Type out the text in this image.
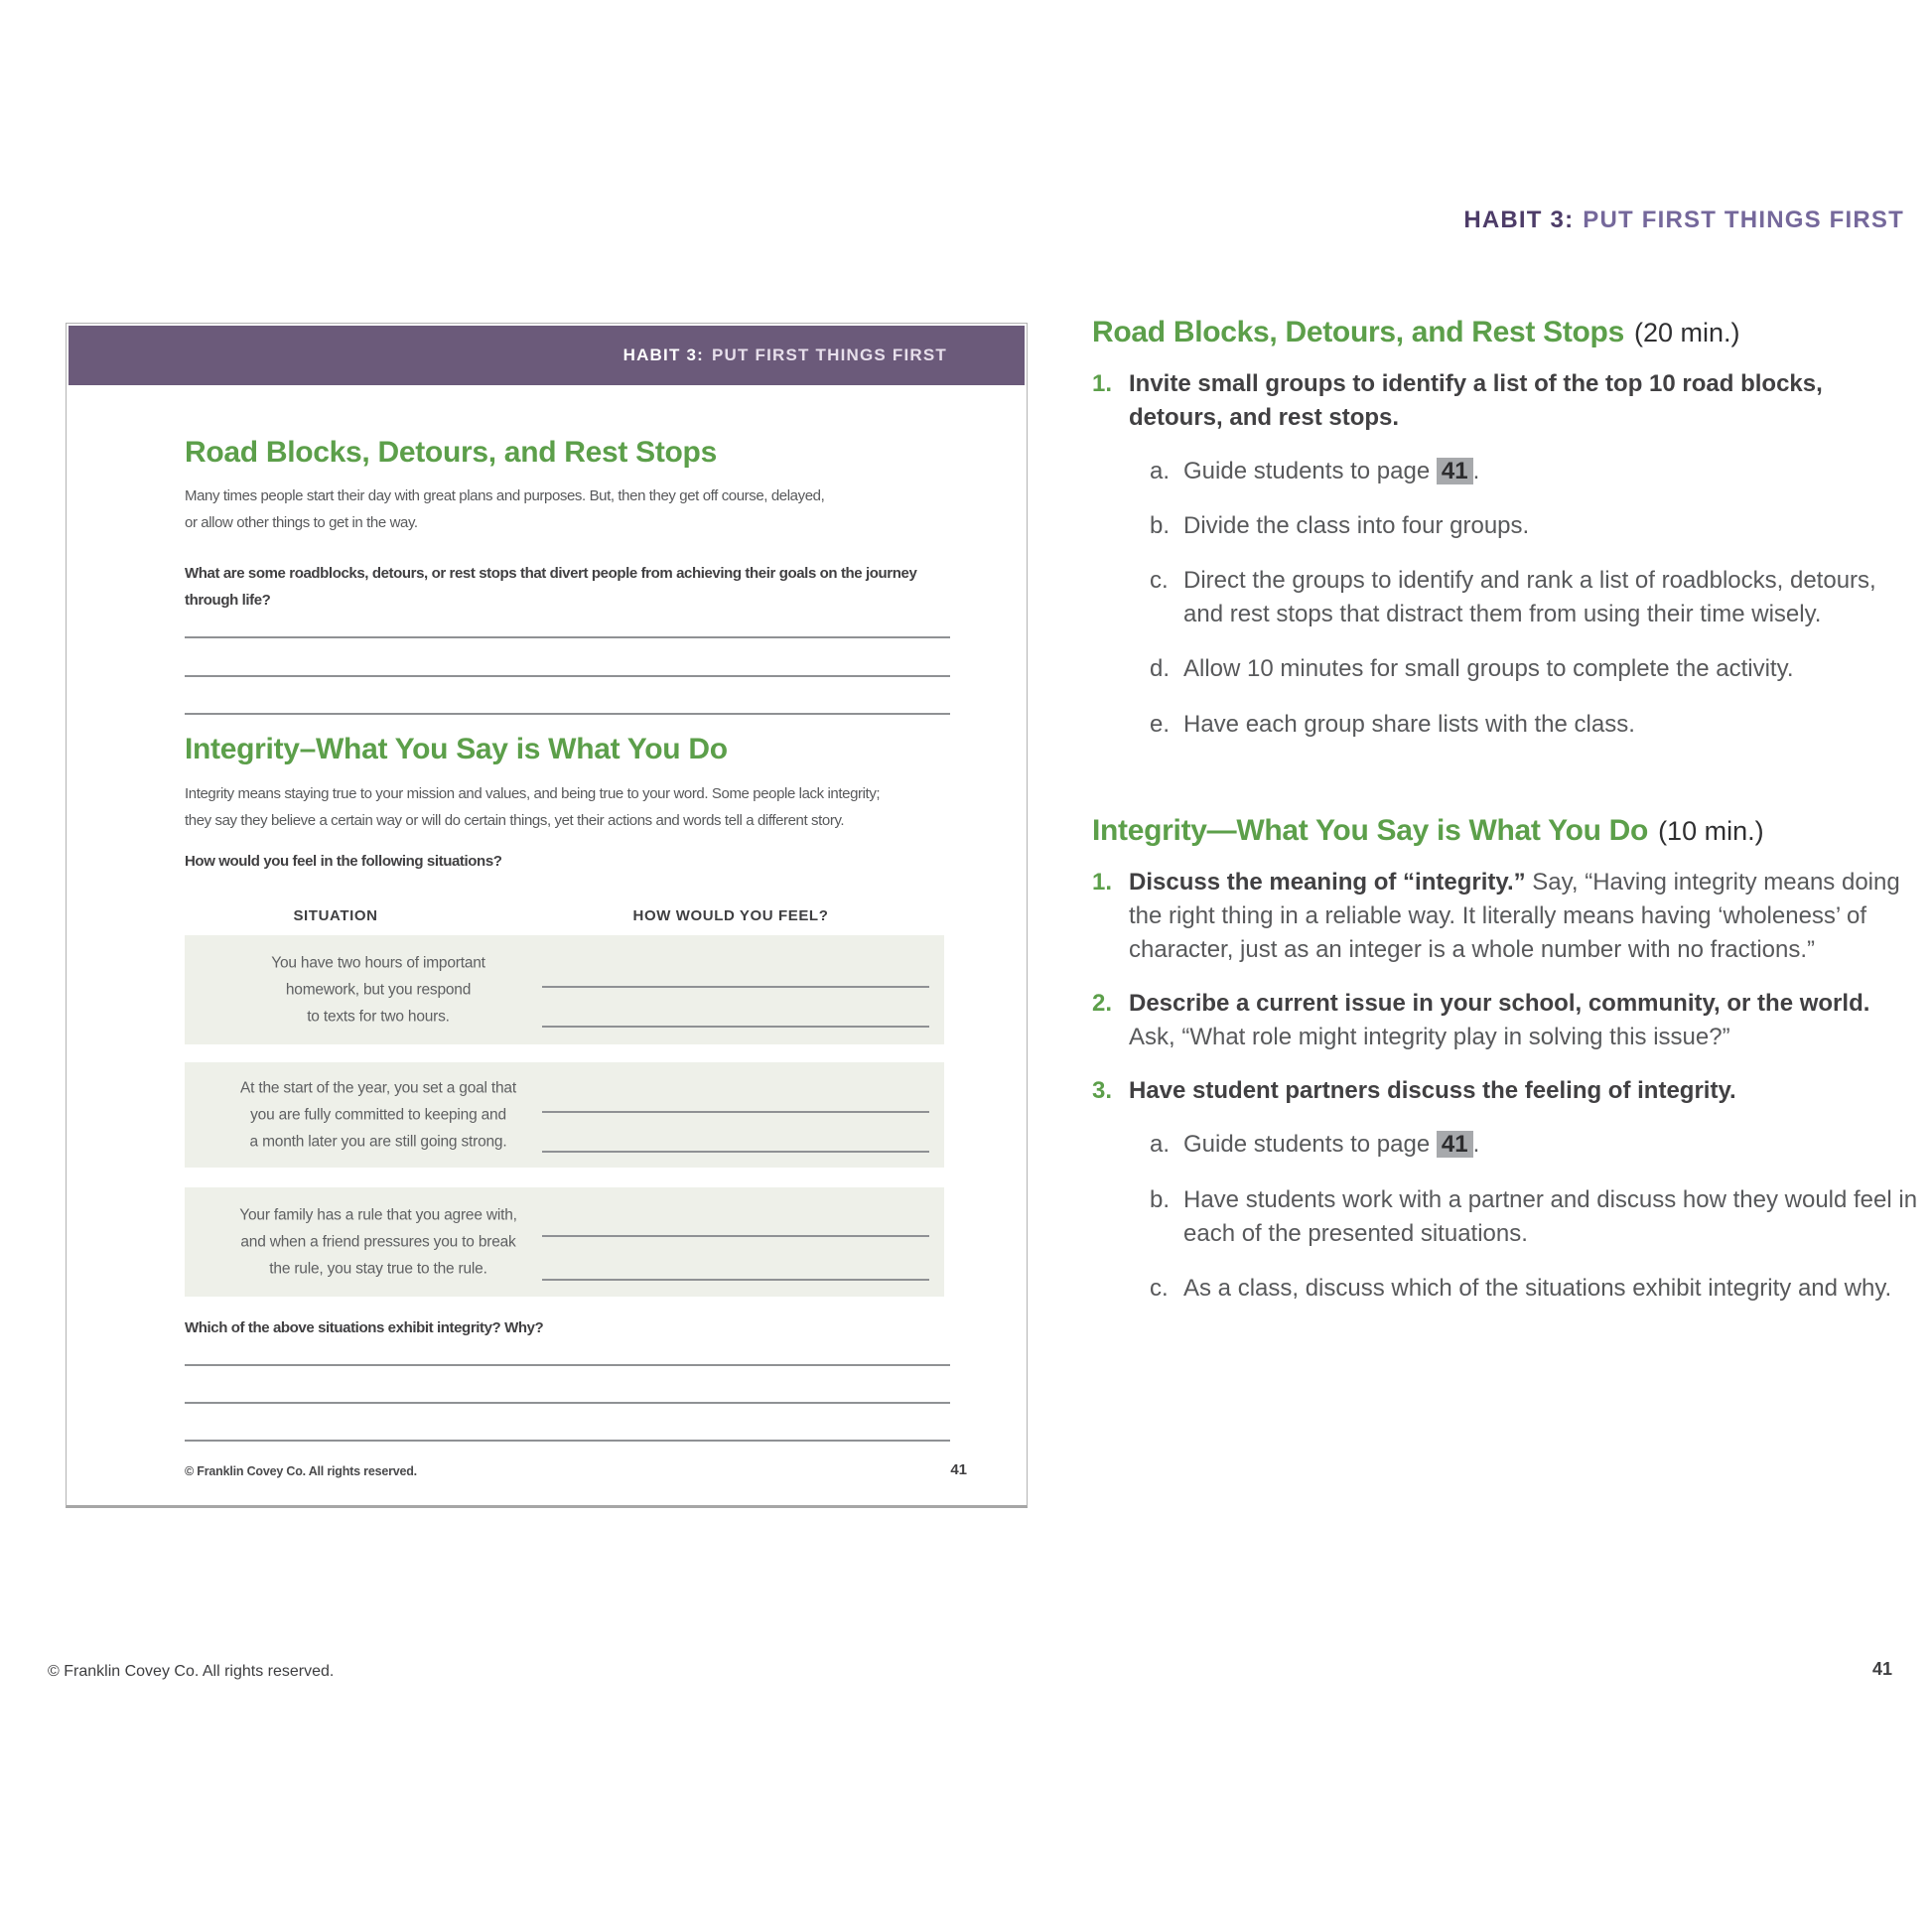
HABIT 3: PUT FIRST THINGS FIRST
HABIT 3: PUT FIRST THINGS FIRST
Road Blocks, Detours, and Rest Stops
Many times people start their day with great plans and purposes. But, then they get off course, delayed,
or allow other things to get in the way.
What are some roadblocks, detours, or rest stops that divert people from achieving their goals on the journey
through life?
Integrity–What You Say is What You Do
Integrity means staying true to your mission and values, and being true to your word. Some people lack integrity;
they say they believe a certain way or will do certain things, yet their actions and words tell a different story.
How would you feel in the following situations?
SITUATION	HOW WOULD YOU FEEL?
You have two hours of important
homework, but you respond
to texts for two hours.
At the start of the year, you set a goal that
you are fully committed to keeping and
a month later you are still going strong.
Your family has a rule that you agree with,
and when a friend pressures you to break
the rule, you stay true to the rule.
Which of the above situations exhibit integrity? Why?
© Franklin Covey Co. All rights reserved.	41
Road Blocks, Detours, and Rest Stops (20 min.)
1. Invite small groups to identify a list of the top 10 road blocks, detours, and rest stops.
a. Guide students to page 41 .
b. Divide the class into four groups.
c. Direct the groups to identify and rank a list of roadblocks, detours, and rest stops that distract them from using their time wisely.
d. Allow 10 minutes for small groups to complete the activity.
e. Have each group share lists with the class.
Integrity—What You Say is What You Do (10 min.)
1. Discuss the meaning of “integrity.” Say, “Having integrity means doing the right thing in a reliable way. It literally means having ‘wholeness’ of character, just as an integer is a whole number with no fractions.”
2. Describe a current issue in your school, community, or the world. Ask, “What role might integrity play in solving this issue?”
3. Have student partners discuss the feeling of integrity.
a. Guide students to page 41 .
b. Have students work with a partner and discuss how they would feel in each of the presented situations.
c. As a class, discuss which of the situations exhibit integrity and why.
© Franklin Covey Co. All rights reserved.	41
